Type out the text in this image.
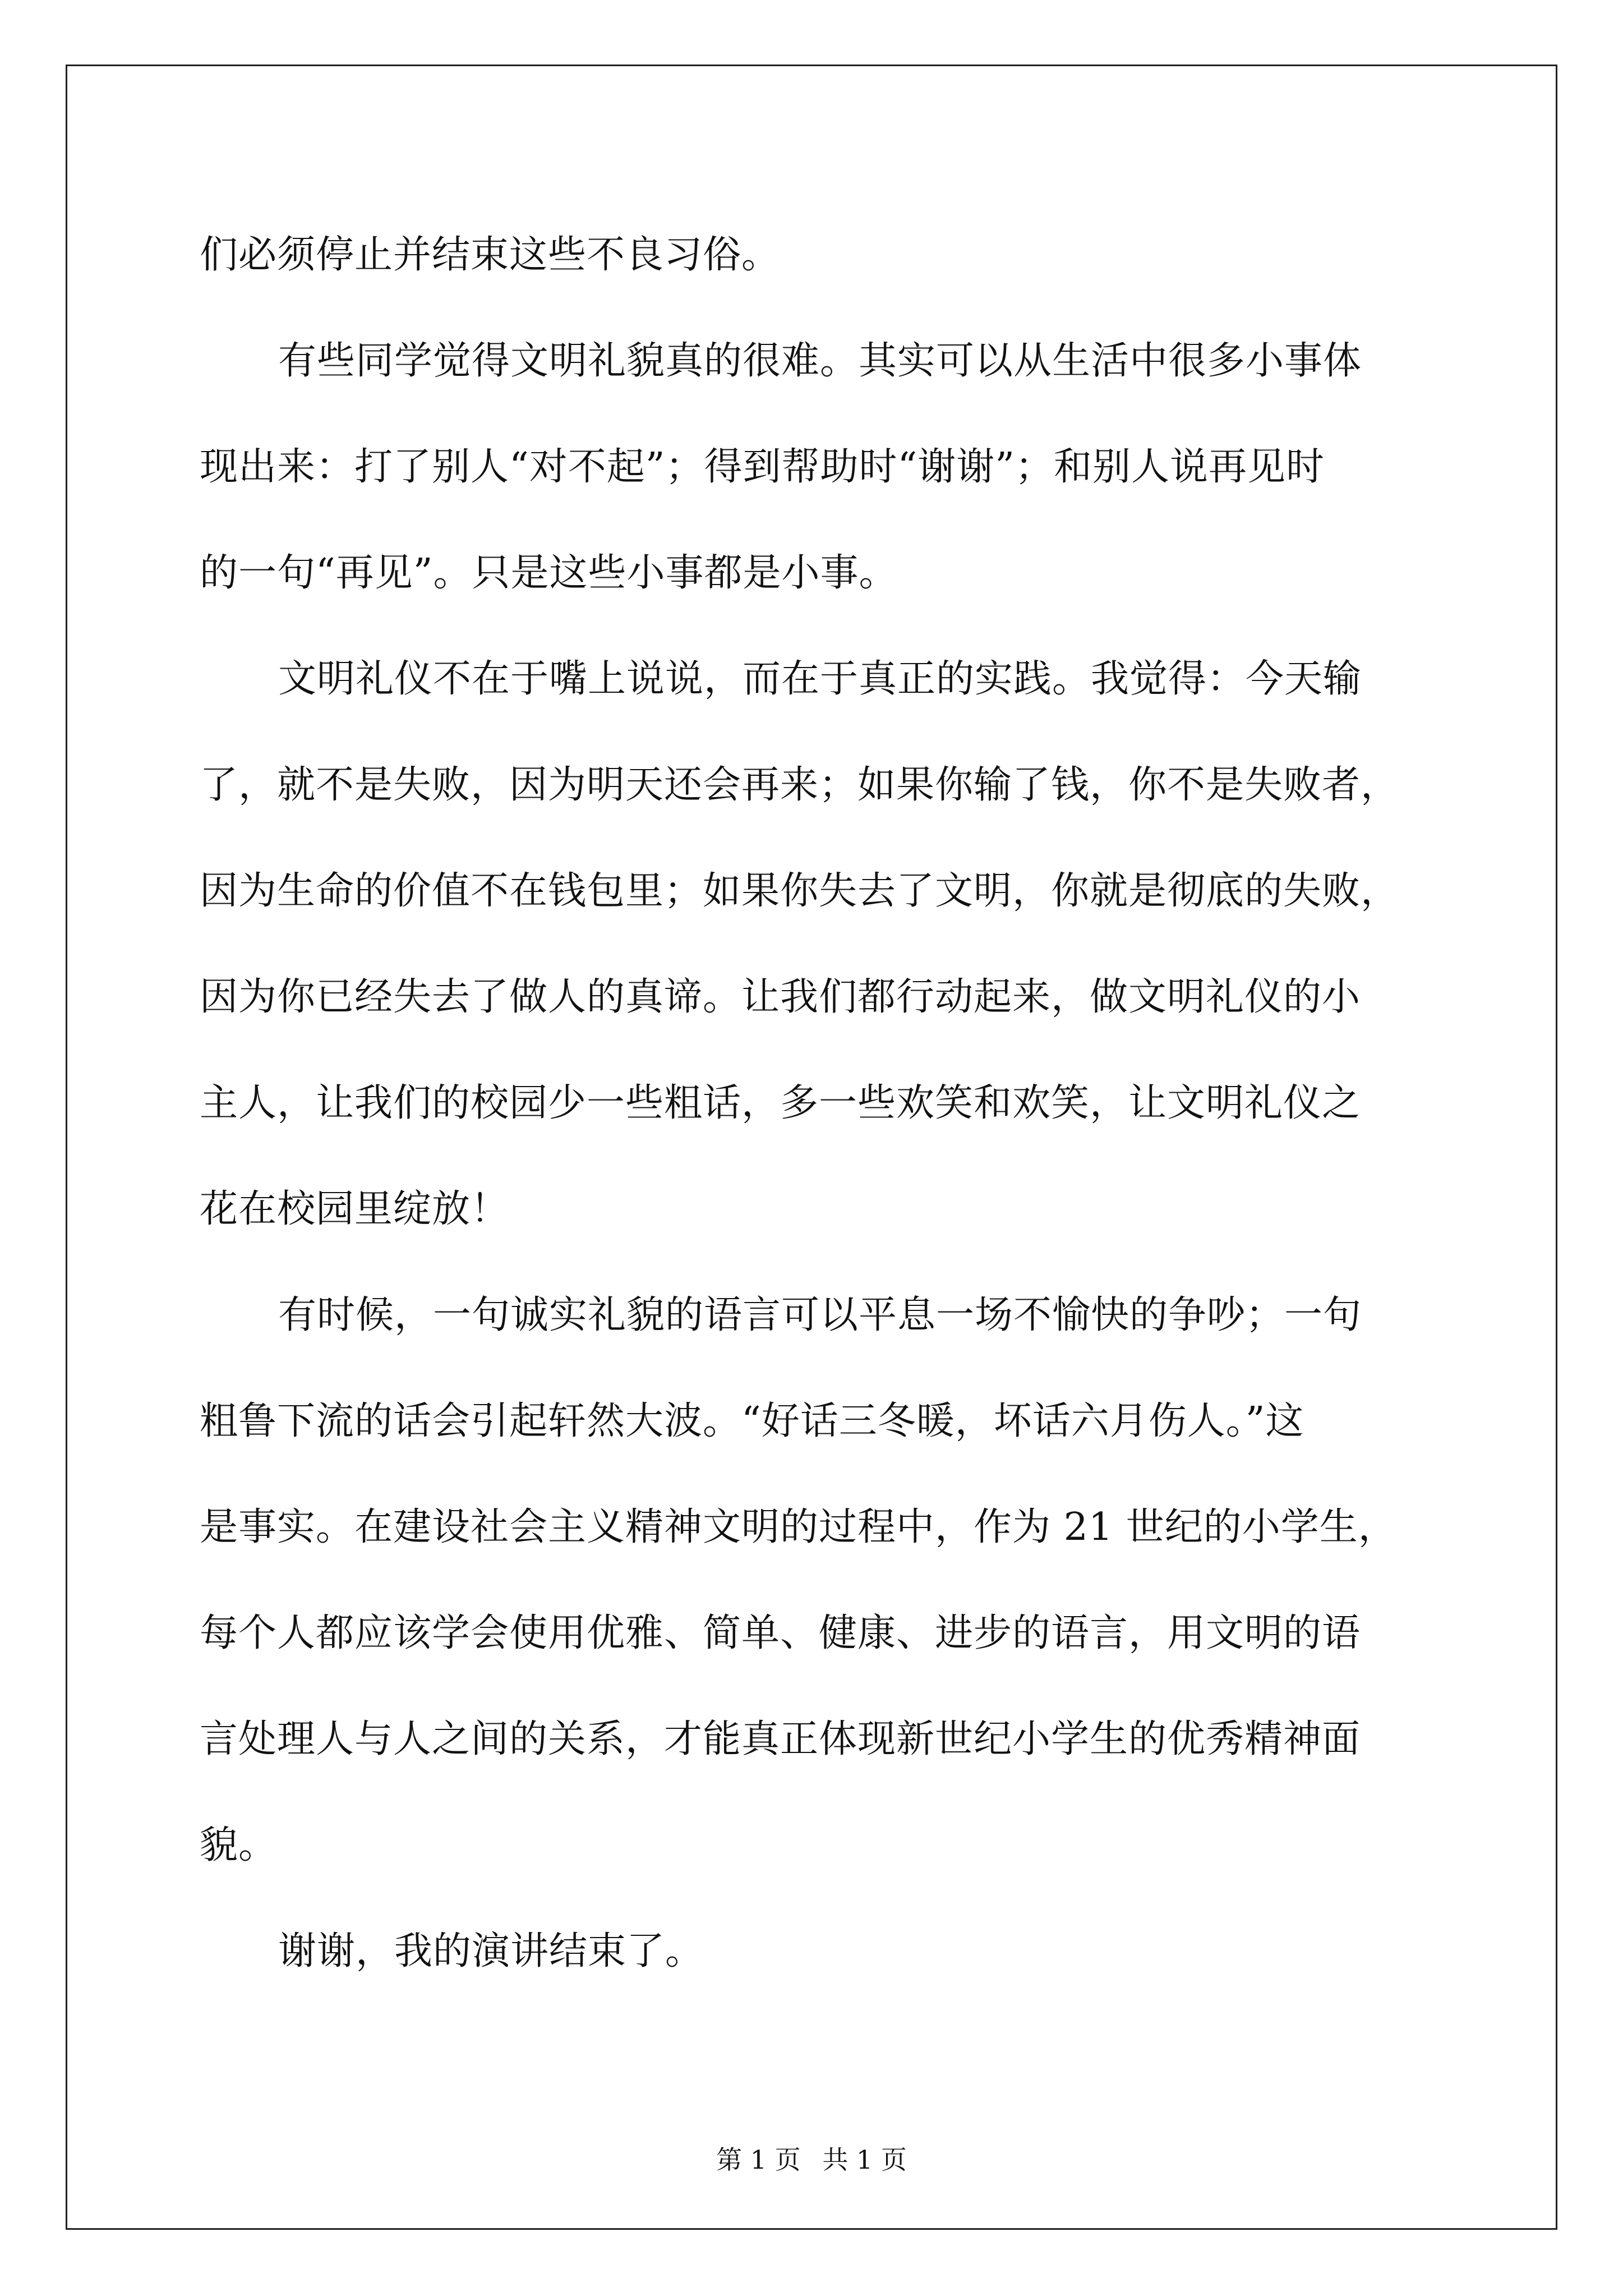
们必须停止并结束这些不良习俗。
有些同学觉得文明礼貌真的很难。其实可以从生活中很多小事体
现出来：打了别人“对不起”；得到帮助时“谢谢”；和别人说再见时
的一句“再见”。只是这些小事都是小事。
文明礼仪不在于嘴上说说，而在于真正的实践。我觉得：今天输
了，就不是失败，因为明天还会再来；如果你输了钱，你不是失败者，
因为生命的价值不在钱包里；如果你失去了文明，你就是彻底的失败，
因为你已经失去了做人的真谛。让我们都行动起来，做文明礼仪的小
主人，让我们的校园少一些粗话，多一些欢笑和欢笑，让文明礼仪之
花在校园里绽放！
有时候，一句诚实礼貌的语言可以平息一场不愉快的争吵；一句
粗鲁下流的话会引起轩然大波。“好话三冬暖，坏话六月伤人。”这
是事实。在建设社会主义精神文明的过程中，作为 21 世纪的小学生，
每个人都应该学会使用优雅、简单、健康、进步的语言，用文明的语
言处理人与人之间的关系，才能真正体现新世纪小学生的优秀精神面
貌。
谢谢，我的演讲结束了。
第 1 页 共 1 页
